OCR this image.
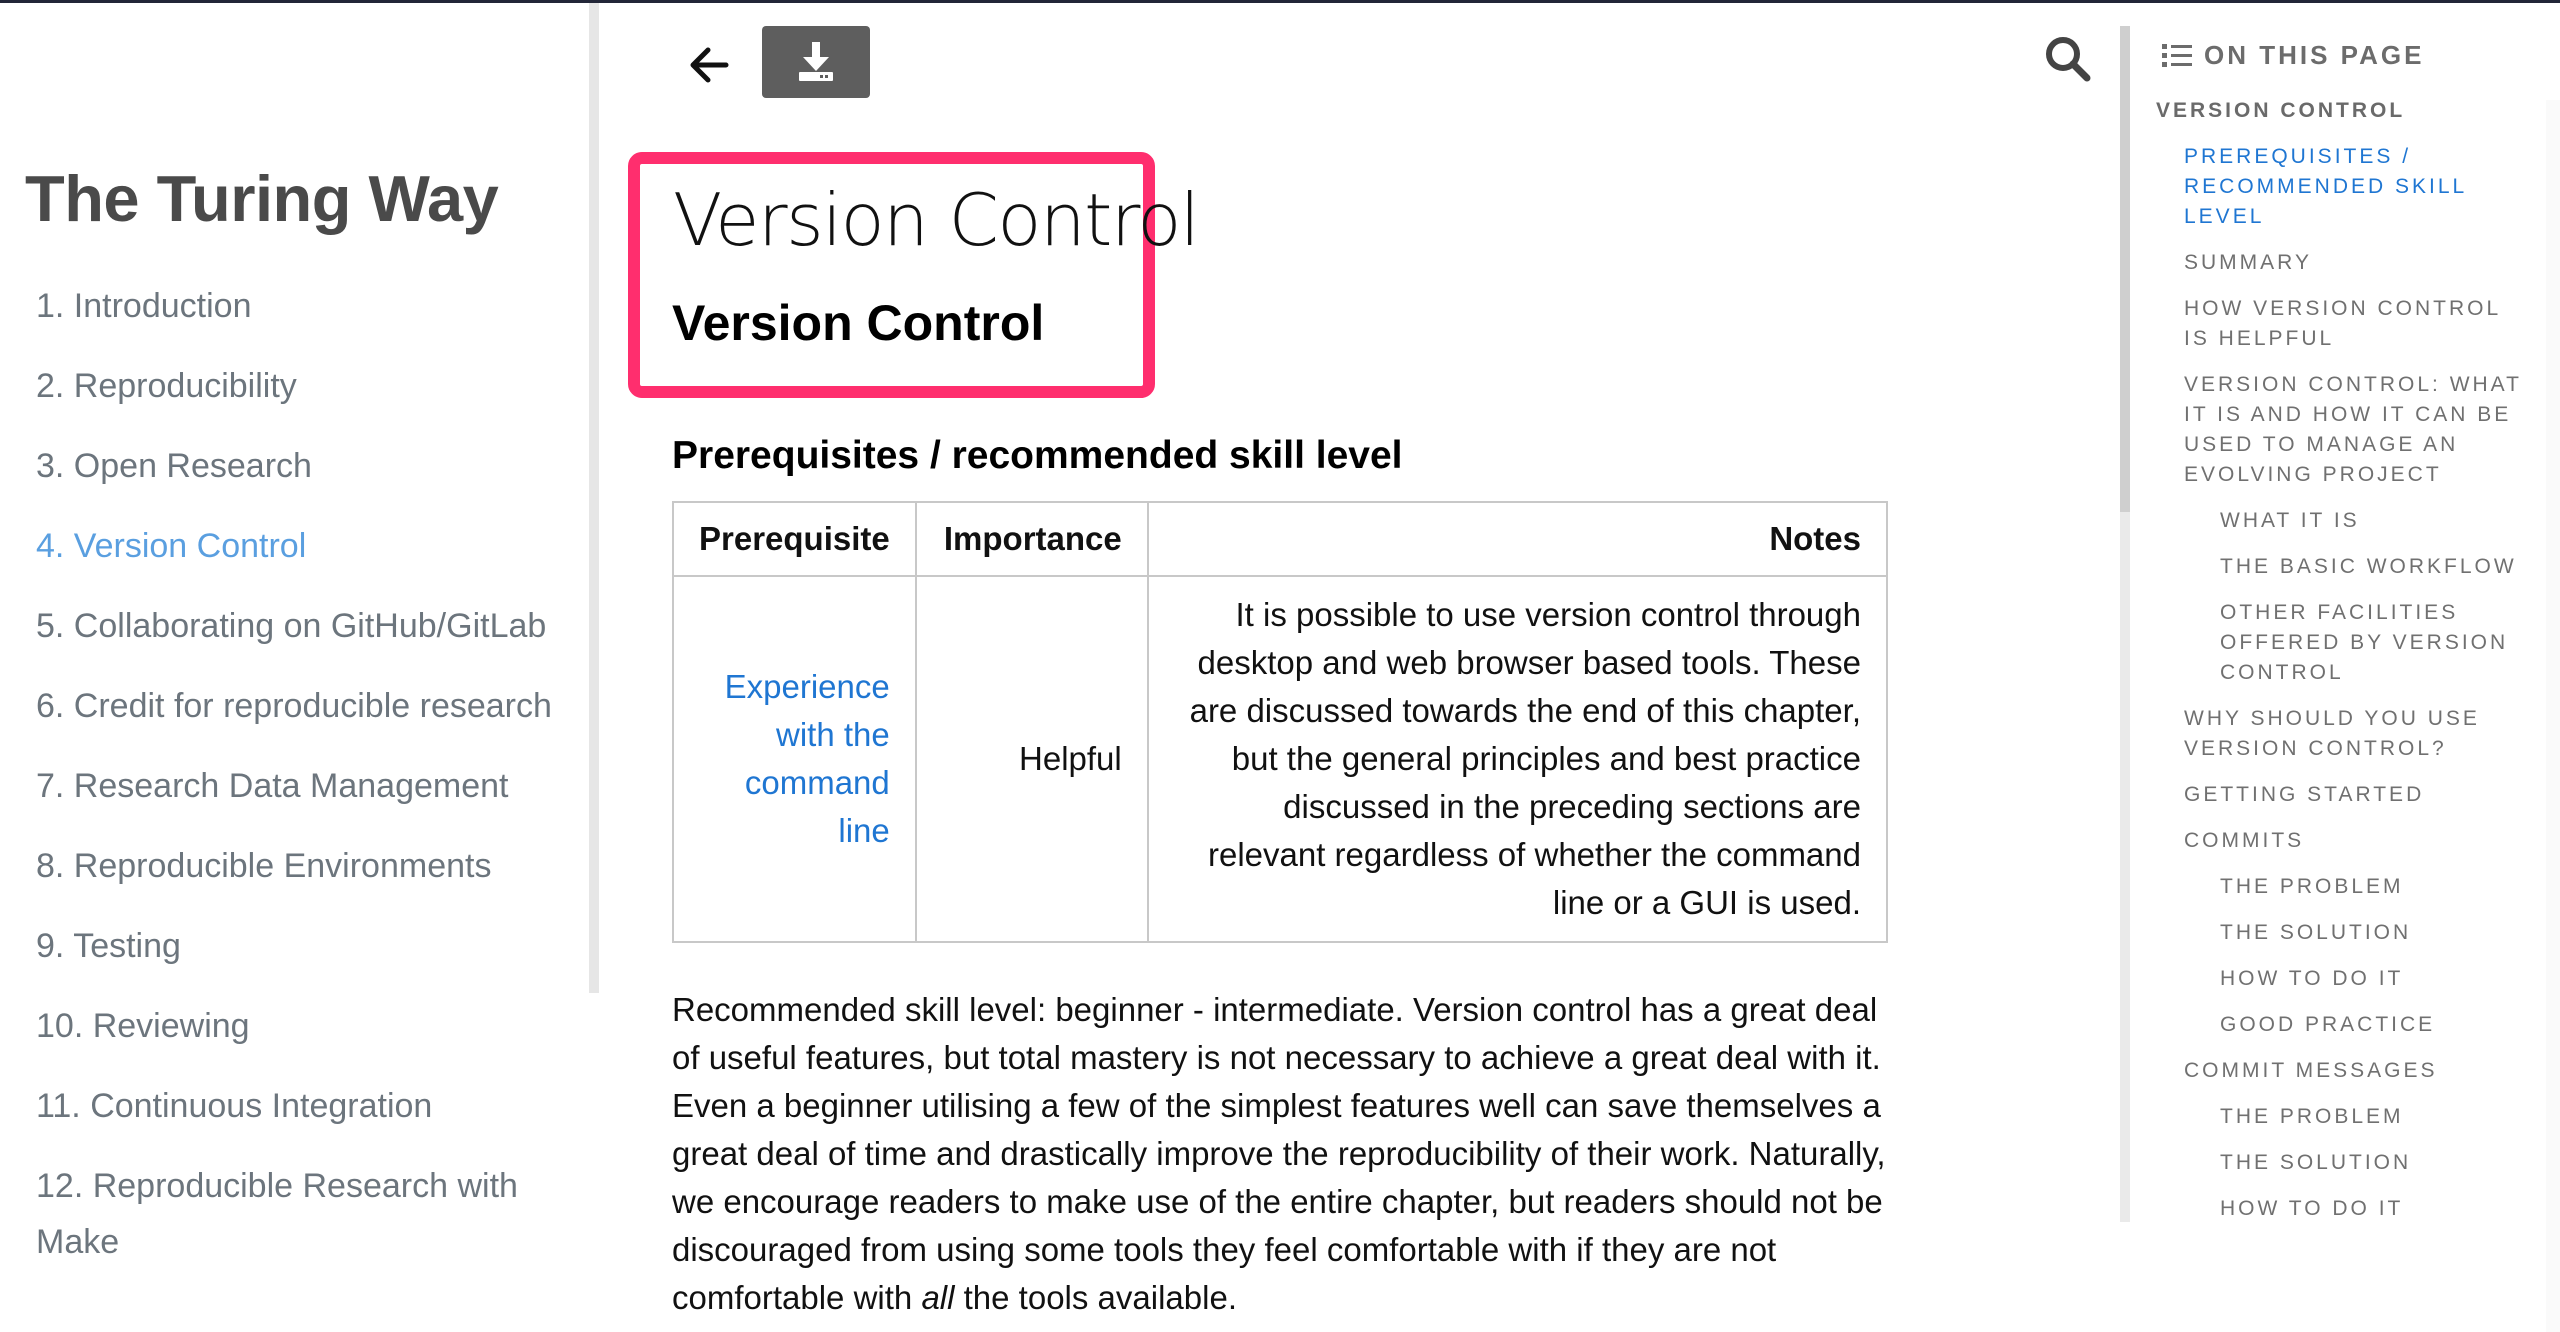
The Turing Way
1. Introduction
2. Reproducibility
3. Open Research
4. Version Control
5. Collaborating on GitHub/GitLab
6. Credit for reproducible research
7. Research Data Management
8. Reproducible Environments
9. Testing
10. Reviewing
11. Continuous Integration
12. Reproducible Research with Make
Version Control
Version Control
Prerequisites / recommended skill level
Prerequisite	Importance	Notes
Experience with the command line	Helpful	It is possible to use version control through desktop and web browser based tools. These are discussed towards the end of this chapter, but the general principles and best practice discussed in the preceding sections are relevant regardless of whether the command line or a GUI is used.

Recommended skill level: beginner - intermediate. Version control has a great deal of useful features, but total mastery is not necessary to achieve a great deal with it. Even a beginner utilising a few of the simplest features well can save themselves a great deal of time and drastically improve the reproducibility of their work. Naturally, we encourage readers to make use of the entire chapter, but readers should not be discouraged from using some tools they feel comfortable with if they are not comfortable with all the tools available.

ON THIS PAGE
VERSION CONTROL
PREREQUISITES / RECOMMENDED SKILL LEVEL
SUMMARY
HOW VERSION CONTROL IS HELPFUL
VERSION CONTROL: WHAT IT IS AND HOW IT CAN BE USED TO MANAGE AN EVOLVING PROJECT
WHAT IT IS
THE BASIC WORKFLOW
OTHER FACILITIES OFFERED BY VERSION CONTROL
WHY SHOULD YOU USE VERSION CONTROL?
GETTING STARTED
COMMITS
THE PROBLEM
THE SOLUTION
HOW TO DO IT
GOOD PRACTICE
COMMIT MESSAGES
THE PROBLEM
THE SOLUTION
HOW TO DO IT
